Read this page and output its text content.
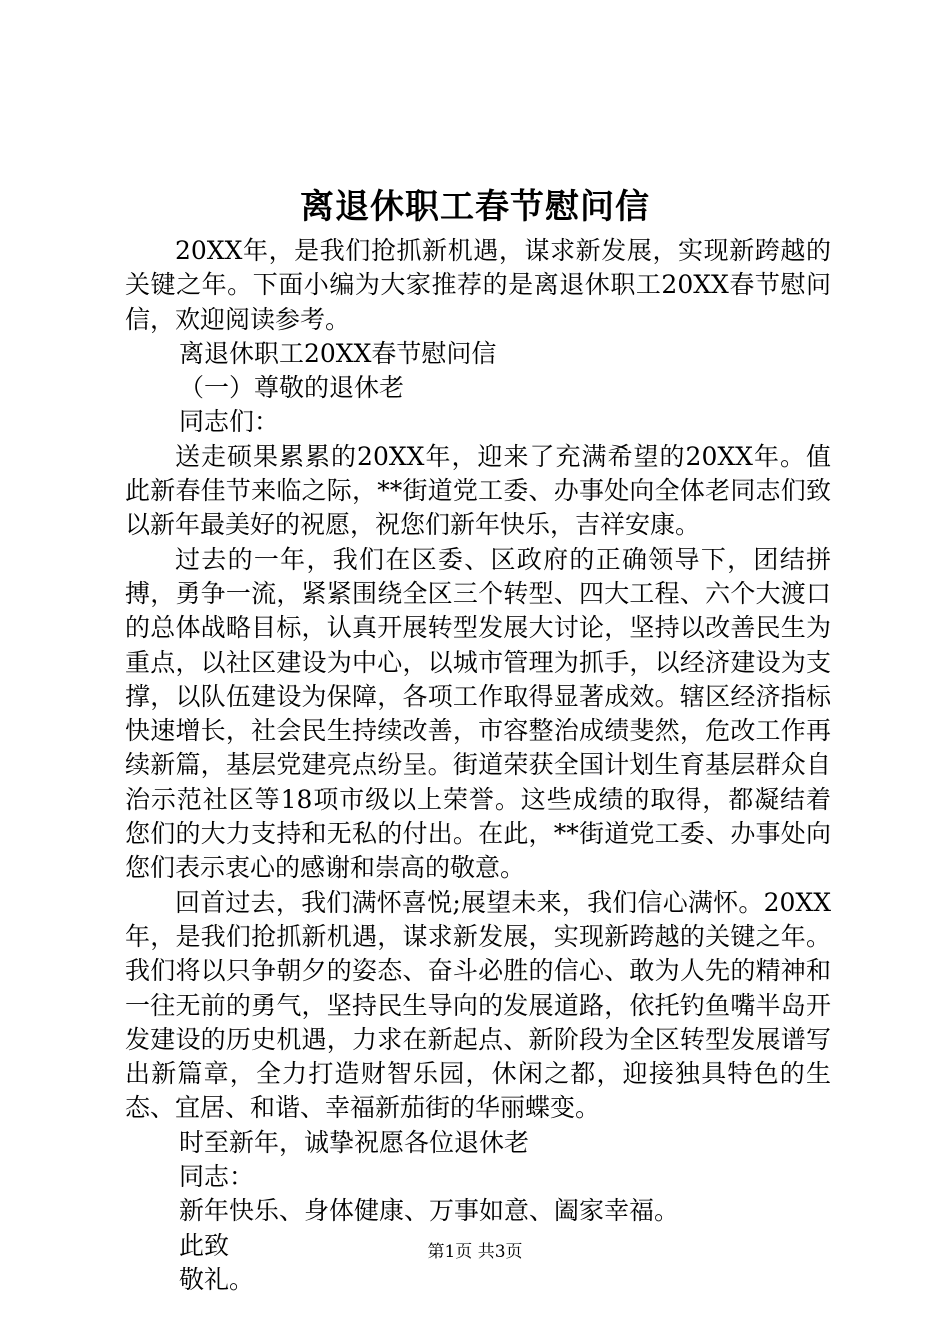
离退休职工春节慰问信

20XX年，是我们抢抓新机遇，谋求新发展，实现新跨越的关键之年。下面小编为大家推荐的是离退休职工20XX春节慰问信，欢迎阅读参考。

离退休职工20XX春节慰问信

（一）尊敬的退休老

同志们：

送走硕果累累的20XX年，迎来了充满希望的20XX年。值此新春佳节来临之际，**街道党工委、办事处向全体老同志们致以新年最美好的祝愿，祝您们新年快乐，吉祥安康。

过去的一年，我们在区委、区政府的正确领导下，团结拼搏，勇争一流，紧紧围绕全区三个转型、四大工程、六个大渡口的总体战略目标，认真开展转型发展大讨论，坚持以改善民生为重点，以社区建设为中心，以城市管理为抓手，以经济建设为支撑，以队伍建设为保障，各项工作取得显著成效。辖区经济指标快速增长，社会民生持续改善，市容整治成绩斐然，危改工作再续新篇，基层党建亮点纷呈。街道荣获全国计划生育基层群众自治示范社区等18项市级以上荣誉。这些成绩的取得，都凝结着您们的大力支持和无私的付出。在此，**街道党工委、办事处向您们表示衷心的感谢和崇高的敬意。

回首过去，我们满怀喜悦;展望未来，我们信心满怀。20XX年，是我们抢抓新机遇，谋求新发展，实现新跨越的关键之年。我们将以只争朝夕的姿态、奋斗必胜的信心、敢为人先的精神和一往无前的勇气，坚持民生导向的发展道路，依托钓鱼嘴半岛开发建设的历史机遇，力求在新起点、新阶段为全区转型发展谱写出新篇章，全力打造财智乐园，休闲之都，迎接独具特色的生态、宜居、和谐、幸福新茄街的华丽蝶变。

时至新年，诚挚祝愿各位退休老

同志：

新年快乐、身体健康、万事如意、阖家幸福。

此致

敬礼。

第1页 共3页
